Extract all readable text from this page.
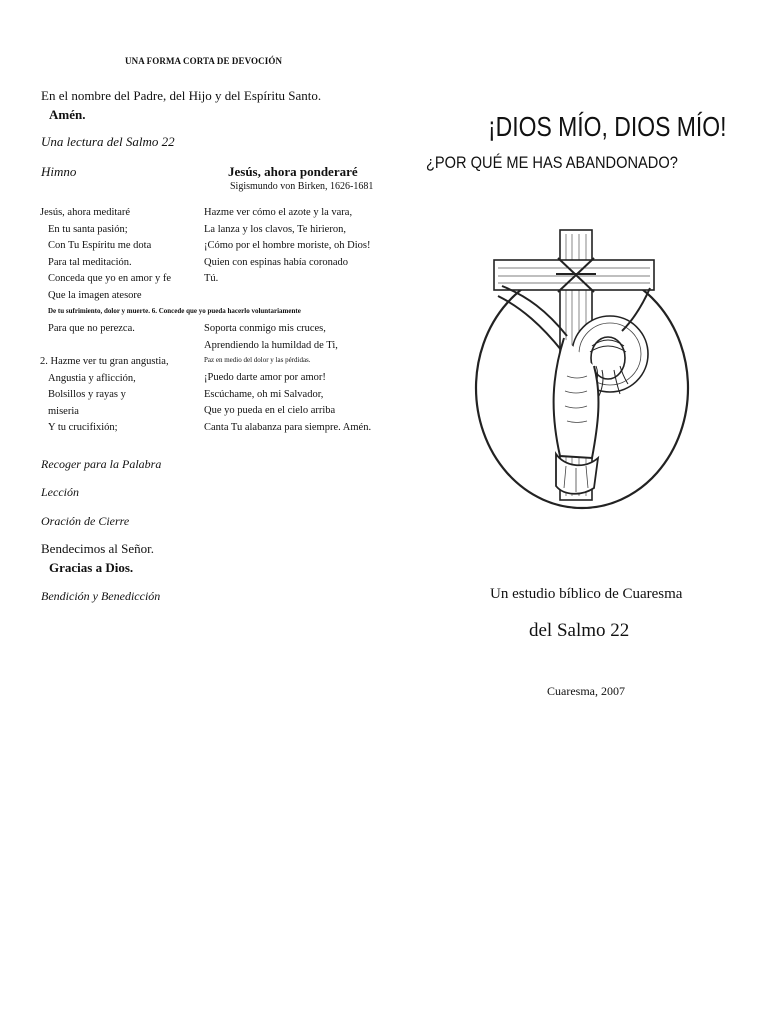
UNA FORMA CORTA DE DEVOCIÓN
En el nombre del Padre, del Hijo y del Espíritu Santo.
Amén.
Una lectura del Salmo 22
Himno	Jesús, ahora ponderaré
Sigismundo von Birken, 1626-1681
Jesús, ahora meditaré
En tu santa pasión;
Con Tu Espíritu me dota
Para tal meditación.
Conceda que yo en amor y fe
Que la imagen atesore
De tu sufrimiento, dolor y muerte. 6. Concede que yo pueda hacerlo voluntariamente
Para que no perezca.
2. Hazme ver tu gran angustia,
Angustia y aflicción,
Bolsillos y rayas y
miseria
Y tu crucifixión;
Hazme ver cómo el azote y la vara,
La lanza y los clavos, Te hirieron,
¡Cómo por el hombre moriste, oh Dios!
Quien con espinas había coronado
Tú.
Soporta conmigo mis cruces,
Aprendiendo la humildad de Ti,
Paz en medio del dolor y las pérdidas.
¡Puedo darte amor por amor!
Escúchame, oh mi Salvador,
Que yo pueda en el cielo arriba
Canta Tu alabanza para siempre. Amén.
Recoger para la Palabra
Lección
Oración de Cierre
Bendecimos al Señor.
Gracias a Dios.
Bendición y Benedicción
¡DIOS MÍO, DIOS MÍO!
¿POR QUÉ ME HAS ABANDONADO?
Un estudio bíblico de Cuaresma
del Salmo 22
Cuaresma, 2007
